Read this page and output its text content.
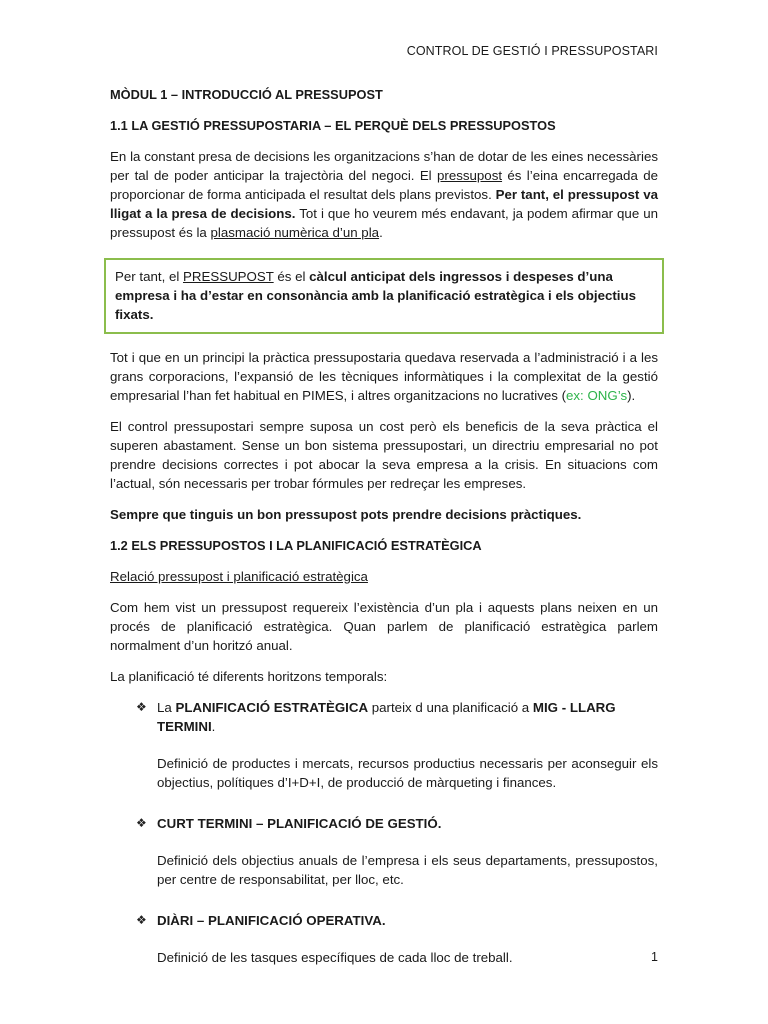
CONTROL DE GESTIÓ I PRESSUPOSTARI
MÒDUL 1 – INTRODUCCIÓ AL PRESSUPOST
1.1 LA GESTIÓ PRESSUPOSTARIA – EL PERQUÈ DELS PRESSUPOSTOS

En la constant presa de decisions les organitzacions s’han de dotar de les eines necessàries per tal de poder anticipar la trajectòria del negoci. El pressupost és l’eina encarregada de proporcionar de forma anticipada el resultat dels plans previstos. Per tant, el pressupost va lligat a la presa de decisions. Tot i que ho veurem més endavant, ja podem afirmar que un pressupost és la plasmació numèrica d’un pla.

Per tant, el PRESSUPOST és el càlcul anticipat dels ingressos i despeses d’una empresa i ha d’estar en consonància amb la planificació estratègica i els objectius fixats.

Tot i que en un principi la pràctica pressupostaria quedava reservada a l’administració i a les grans corporacions, l’expansió de les tècniques informàtiques i la complexitat de la gestió empresarial l’han fet habitual en PIMES, i altres organitzacions no lucratives (ex: ONG’s).

El control pressupostari sempre suposa un cost però els beneficis de la seva pràctica el superen abastament. Sense un bon sistema pressupostari, un directriu empresarial no pot prendre decisions correctes i pot abocar la seva empresa a la crisis. En situacions com l’actual, són necessaris per trobar fórmules per redreçar les empreses.

Sempre que tinguis un bon pressupost pots prendre decisions pràctiques.

1.2 ELS PRESSUPOSTOS I LA PLANIFICACIÓ ESTRATÈGICA

Relació pressupost i planificació estratègica

Com hem vist un pressupost requereix l’existència d’un pla i aquests plans neixen en un procés de planificació estratègica. Quan parlem de planificació estratègica parlem normalment d’un horitzó anual.

La planificació té diferents horitzons temporals:

❖ La PLANIFICACIÓ ESTRATÈGICA parteix d una planificació a MIG - LLARG TERMINI.
Definició de productes i mercats, recursos productius necessaris per aconseguir els objectius, polítiques d’I+D+I, de producció de màrqueting i finances.
❖ CURT TERMINI – PLANIFICACIÓ DE GESTIÓ.
Definició dels objectius anuals de l’empresa i els seus departaments, pressupostos, per centre de responsabilitat, per lloc, etc.
❖ DIÀRI – PLANIFICACIÓ OPERATIVA.
Definició de les tasques específiques de cada lloc de treball.	1
